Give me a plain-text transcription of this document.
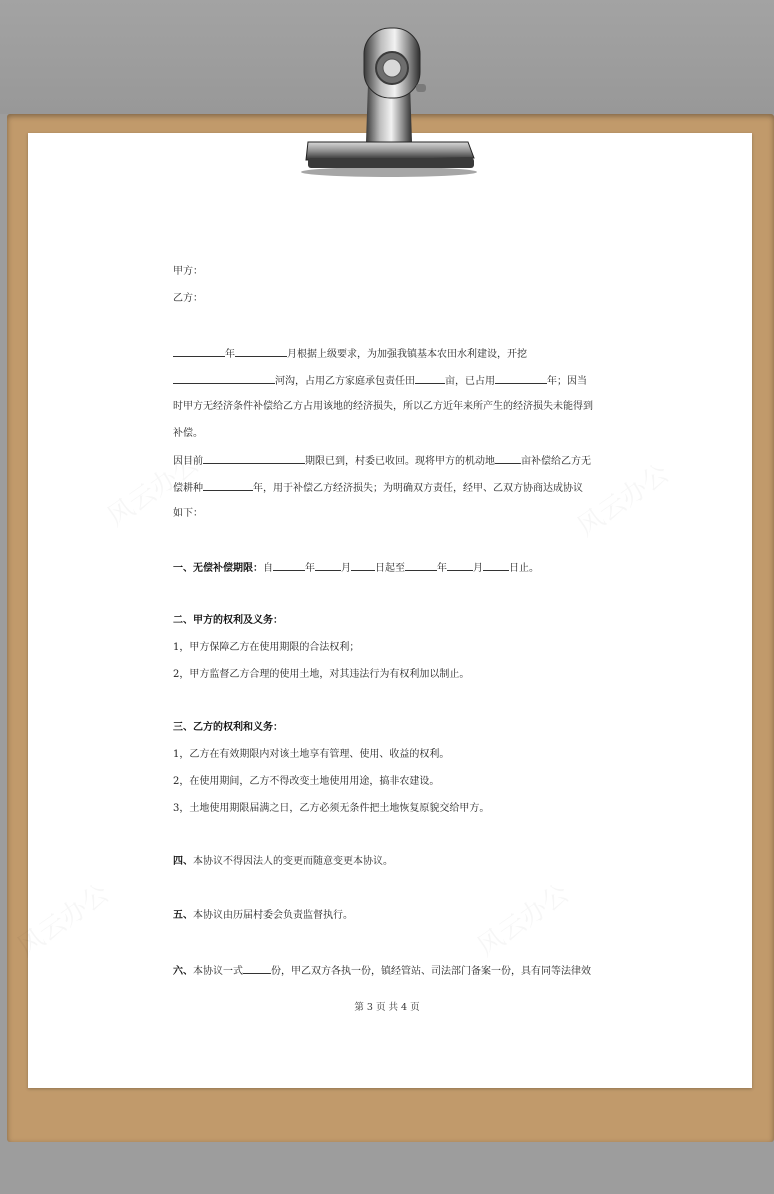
甲方：
乙方：
年	月根据上级要求，为加强我镇基本农田水利建设，开挖
河沟，占用乙方家庭承包责任田	亩，已占用	年；因当
时甲方无经济条件补偿给乙方占用该地的经济损失，所以乙方近年来所产生的经济损失未能得到
补偿。
因目前	期限已到，村委已收回。现将甲方的机动地	亩补偿给乙方无
偿耕种	年，用于补偿乙方经济损失；为明确双方责任，经甲、乙双方协商达成协议
如下：
一、无偿补偿期限：自	年	月 日起至	年	月	日止。
二、甲方的权利及义务：
1，甲方保障乙方在使用期限的合法权利；
2，甲方监督乙方合理的使用土地，对其违法行为有权利加以制止。
三、乙方的权利和义务：
1，乙方在有效期限内对该土地享有管理、使用、收益的权利。
2，在使用期间，乙方不得改变土地使用用途，搞非农建设。
3，土地使用期限届满之日，乙方必须无条件把土地恢复原貌交给甲方。
四、本协议不得因法人的变更而随意变更本协议。
五、本协议由历届村委会负责监督执行。
六、本协议一式	份，甲乙双方各执一份，镇经管站、司法部门备案一份，具有同等法律效
第 3 页 共 4 页
